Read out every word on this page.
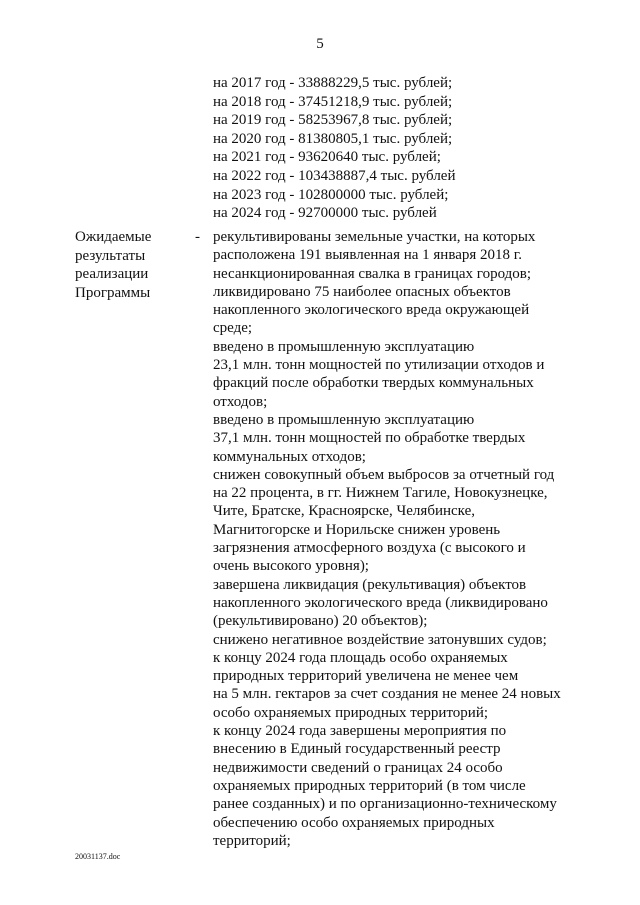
5
на 2017 год - 33888229,5 тыс. рублей;
на 2018 год - 37451218,9 тыс. рублей;
на 2019 год - 58253967,8 тыс. рублей;
на 2020 год - 81380805,1 тыс. рублей;
на 2021 год - 93620640 тыс. рублей;
на 2022 год - 103438887,4 тыс. рублей
на 2023 год - 102800000 тыс. рублей;
на 2024 год - 92700000 тыс. рублей
Ожидаемые
результаты
реализации
Программы
- рекультивированы земельные участки, на которых
расположена 191 выявленная на 1 января 2018 г.
несанкционированная свалка в границах городов;
ликвидировано 75 наиболее опасных объектов
накопленного экологического вреда окружающей
среде;
введено в промышленную эксплуатацию
23,1 млн. тонн мощностей по утилизации отходов и
фракций после обработки твердых коммунальных
отходов;
введено в промышленную эксплуатацию
37,1 млн. тонн мощностей по обработке твердых
коммунальных отходов;
снижен совокупный объем выбросов за отчетный год
на 22 процента, в гг. Нижнем Тагиле, Новокузнецке,
Чите, Братске, Красноярске, Челябинске,
Магнитогорске и Норильске снижен уровень
загрязнения атмосферного воздуха (с высокого и
очень высокого уровня);
завершена ликвидация (рекультивация) объектов
накопленного экологического вреда (ликвидировано
(рекультивировано) 20 объектов);
снижено негативное воздействие затонувших судов;
к концу 2024 года площадь особо охраняемых
природных территорий увеличена не менее чем
на 5 млн. гектаров за счет создания не менее 24 новых
особо охраняемых природных территорий;
к концу 2024 года завершены мероприятия по
внесению в Единый государственный реестр
недвижимости сведений о границах 24 особо
охраняемых природных территорий (в том числе
ранее созданных) и по организационно-техническому
обеспечению особо охраняемых природных
территорий;
20031137.doc
